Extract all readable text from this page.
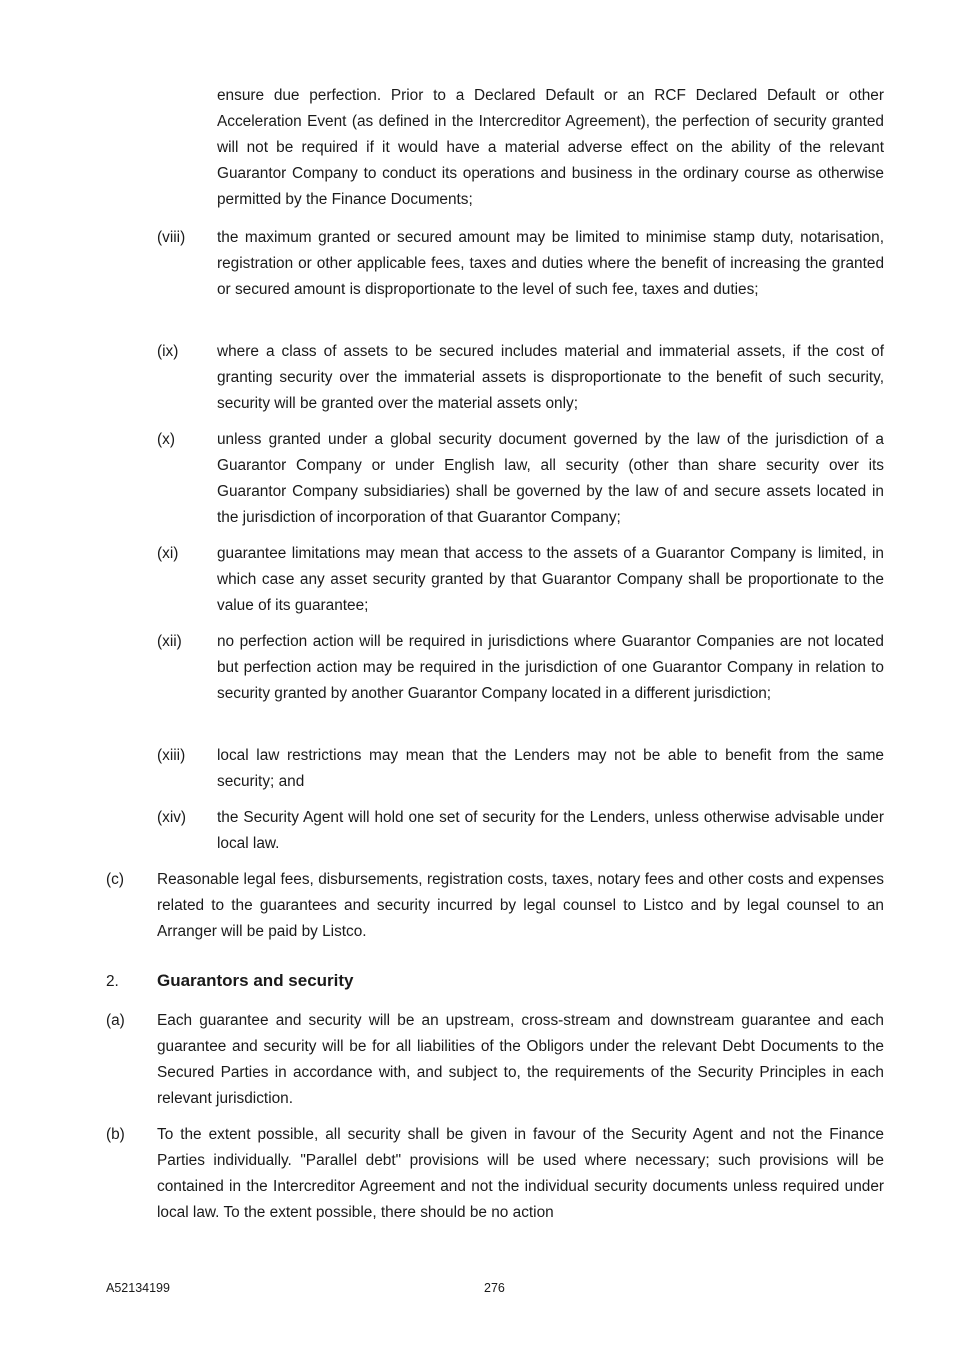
ensure due perfection. Prior to a Declared Default or an RCF Declared Default or other Acceleration Event (as defined in the Intercreditor Agreement), the perfection of security granted will not be required if it would have a material adverse effect on the ability of the relevant Guarantor Company to conduct its operations and business in the ordinary course as otherwise permitted by the Finance Documents;
(viii) the maximum granted or secured amount may be limited to minimise stamp duty, notarisation, registration or other applicable fees, taxes and duties where the benefit of increasing the granted or secured amount is disproportionate to the level of such fee, taxes and duties;
(ix)	where a class of assets to be secured includes material and immaterial assets, if the cost of granting security over the immaterial assets is disproportionate to the benefit of such security, security will be granted over the material assets only;
(x)	unless granted under a global security document governed by the law of the jurisdiction of a Guarantor Company or under English law, all security (other than share security over its Guarantor Company subsidiaries) shall be governed by the law of and secure assets located in the jurisdiction of incorporation of that Guarantor Company;
(xi)	guarantee limitations may mean that access to the assets of a Guarantor Company is limited, in which case any asset security granted by that Guarantor Company shall be proportionate to the value of its guarantee;
(xii) no perfection action will be required in jurisdictions where Guarantor Companies are not located but perfection action may be required in the jurisdiction of one Guarantor Company in relation to security granted by another Guarantor Company located in a different jurisdiction;
(xiii) local law restrictions may mean that the Lenders may not be able to benefit from the same security; and
(xiv) the Security Agent will hold one set of security for the Lenders, unless otherwise advisable under local law.
(c) Reasonable legal fees, disbursements, registration costs, taxes, notary fees and other costs and expenses related to the guarantees and security incurred by legal counsel to Listco and by legal counsel to an Arranger will be paid by Listco.
2. Guarantors and security
(a) Each guarantee and security will be an upstream, cross-stream and downstream guarantee and each guarantee and security will be for all liabilities of the Obligors under the relevant Debt Documents to the Secured Parties in accordance with, and subject to, the requirements of the Security Principles in each relevant jurisdiction.
(b) To the extent possible, all security shall be given in favour of the Security Agent and not the Finance Parties individually. "Parallel debt" provisions will be used where necessary; such provisions will be contained in the Intercreditor Agreement and not the individual security documents unless required under local law. To the extent possible, there should be no action
A52134199	276
